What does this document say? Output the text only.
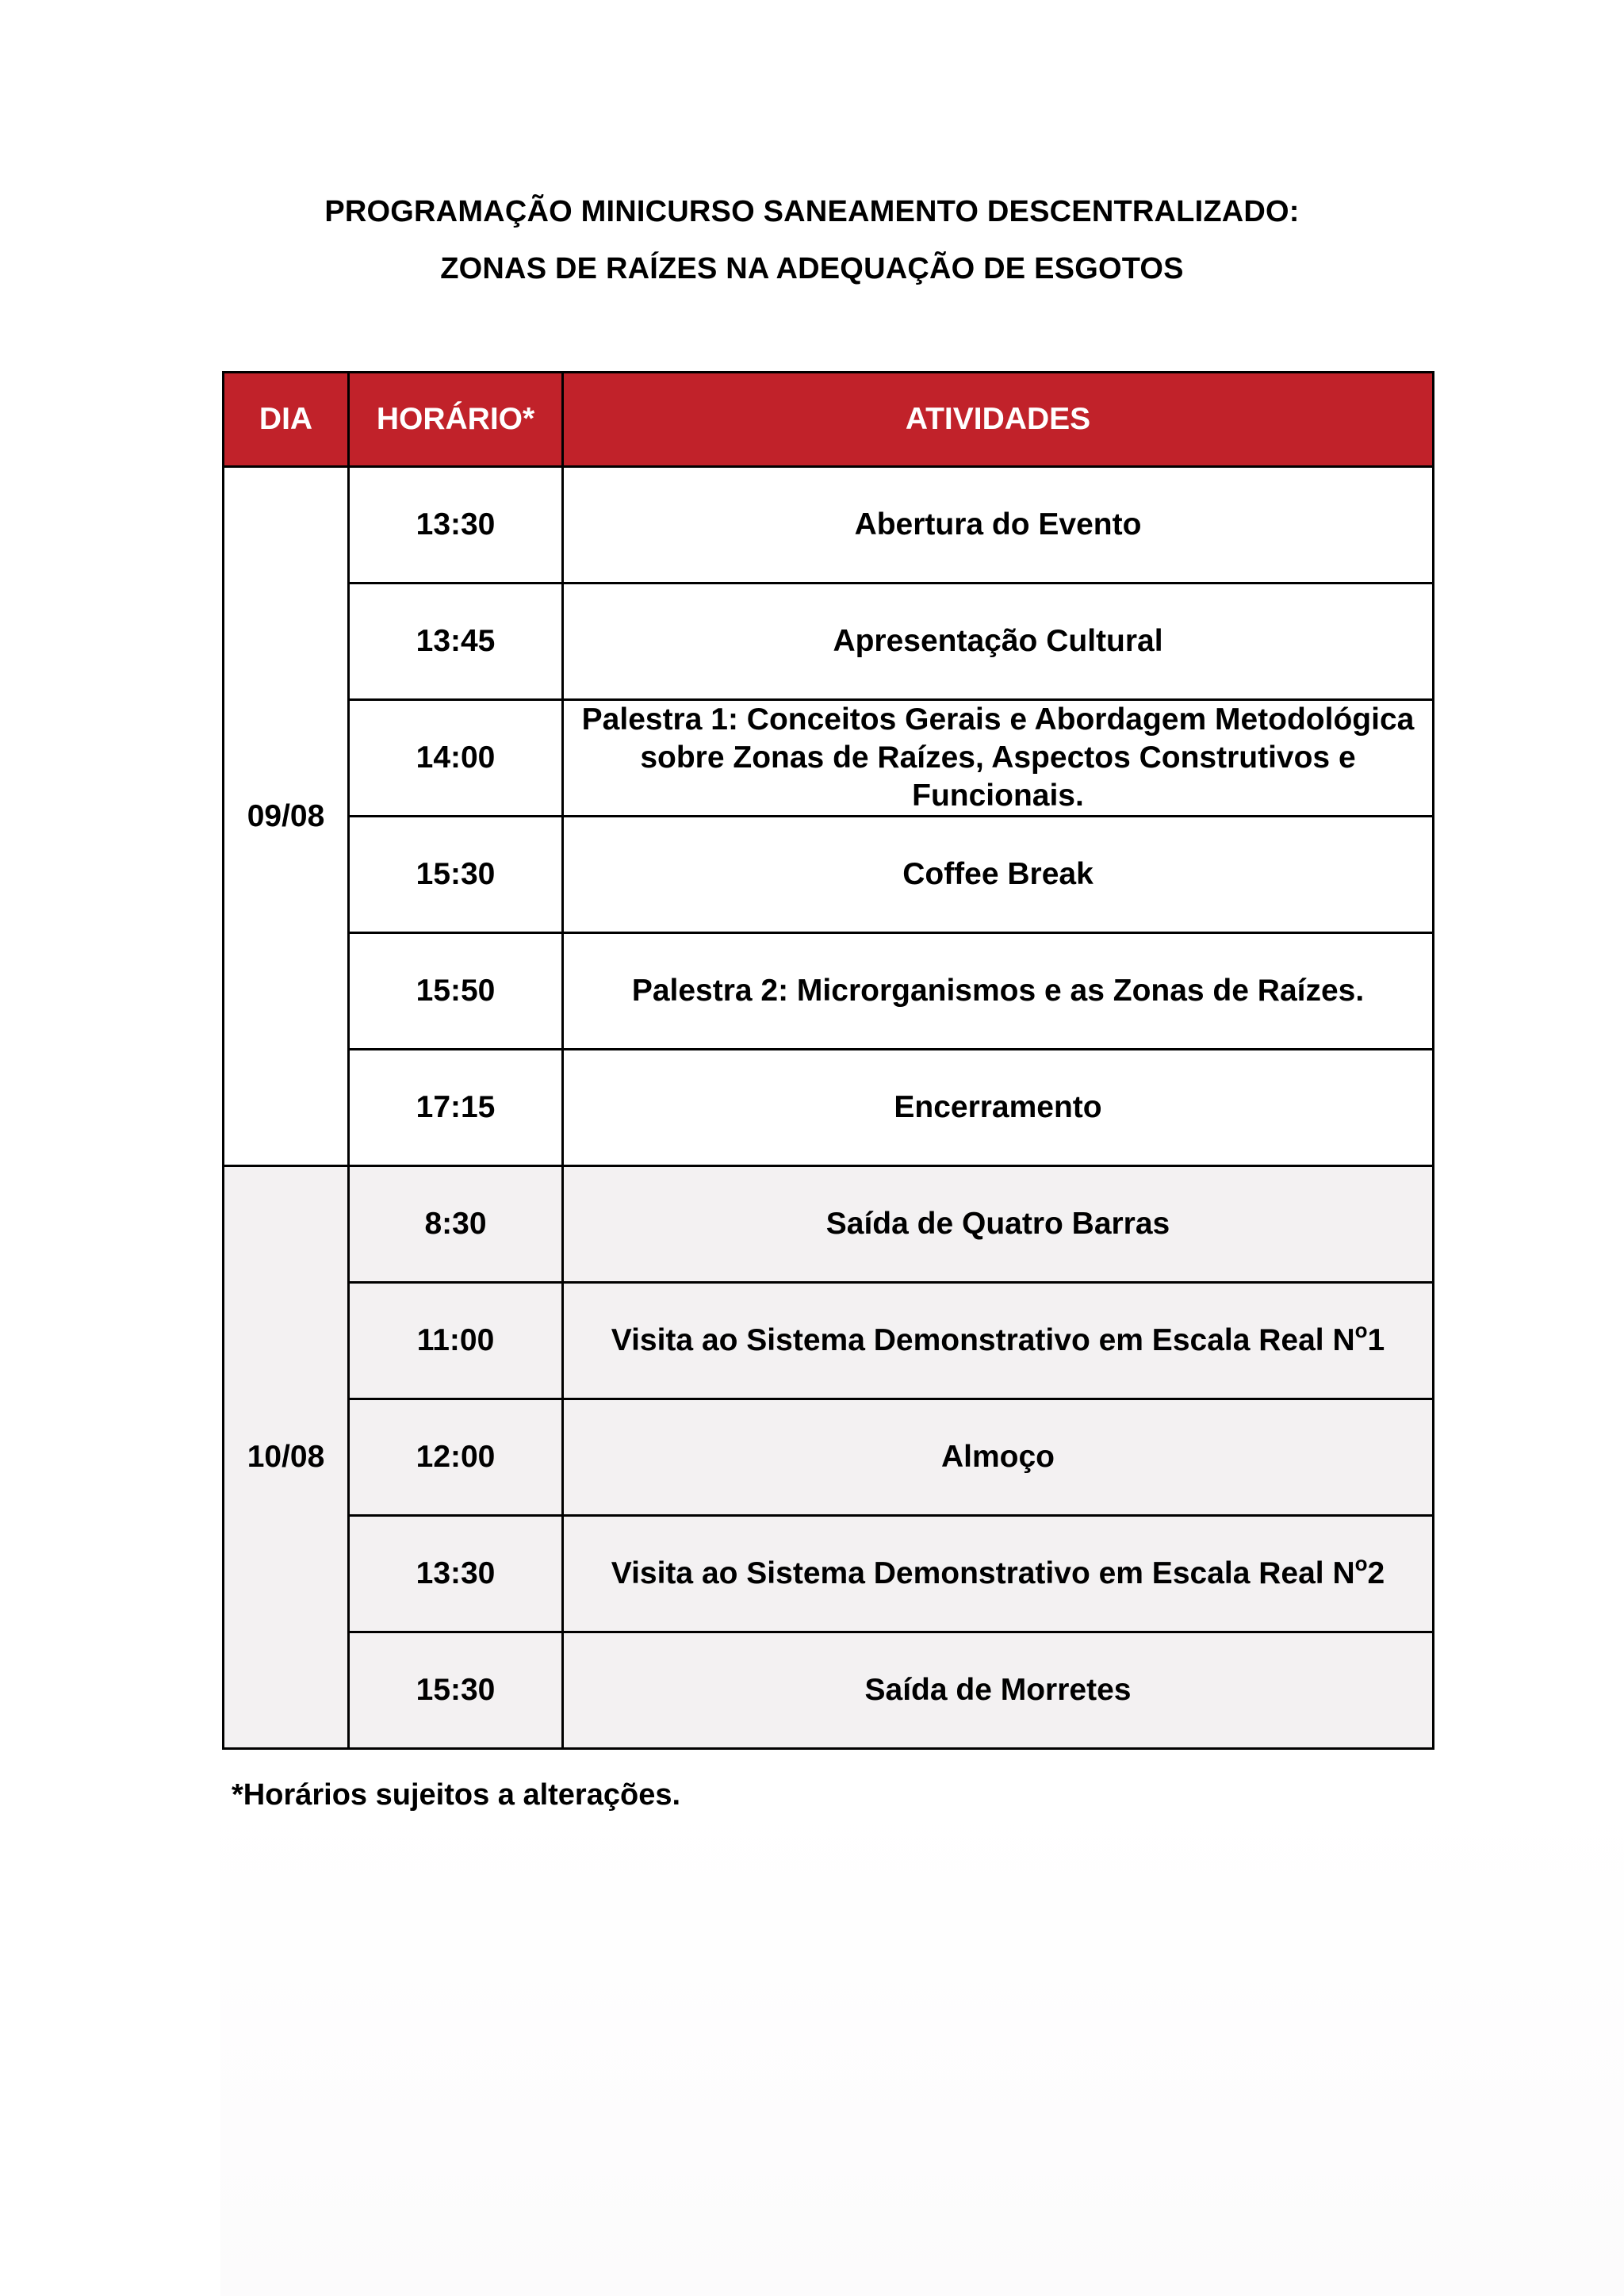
PROGRAMAÇÃO MINICURSO SANEAMENTO DESCENTRALIZADO:
ZONAS DE RAÍZES NA ADEQUAÇÃO DE ESGOTOS
DIA	HORÁRIO*	ATIVIDADES
09/08	13:30	Abertura do Evento
	13:45	Apresentação Cultural
	14:00	Palestra 1: Conceitos Gerais e Abordagem Metodológica sobre Zonas de Raízes, Aspectos Construtivos e Funcionais.
	15:30	Coffee Break
	15:50	Palestra 2: Microrganismos e as Zonas de Raízes.
	17:15	Encerramento
10/08	8:30	Saída de Quatro Barras
	11:00	Visita ao Sistema Demonstrativo em Escala Real $N^o1$
	12:00	Almoço
	13:30	Visita ao Sistema Demonstrativo em Escala Real $N^o2$
	15:30	Saída de Morretes
*Horários sujeitos a alterações.
